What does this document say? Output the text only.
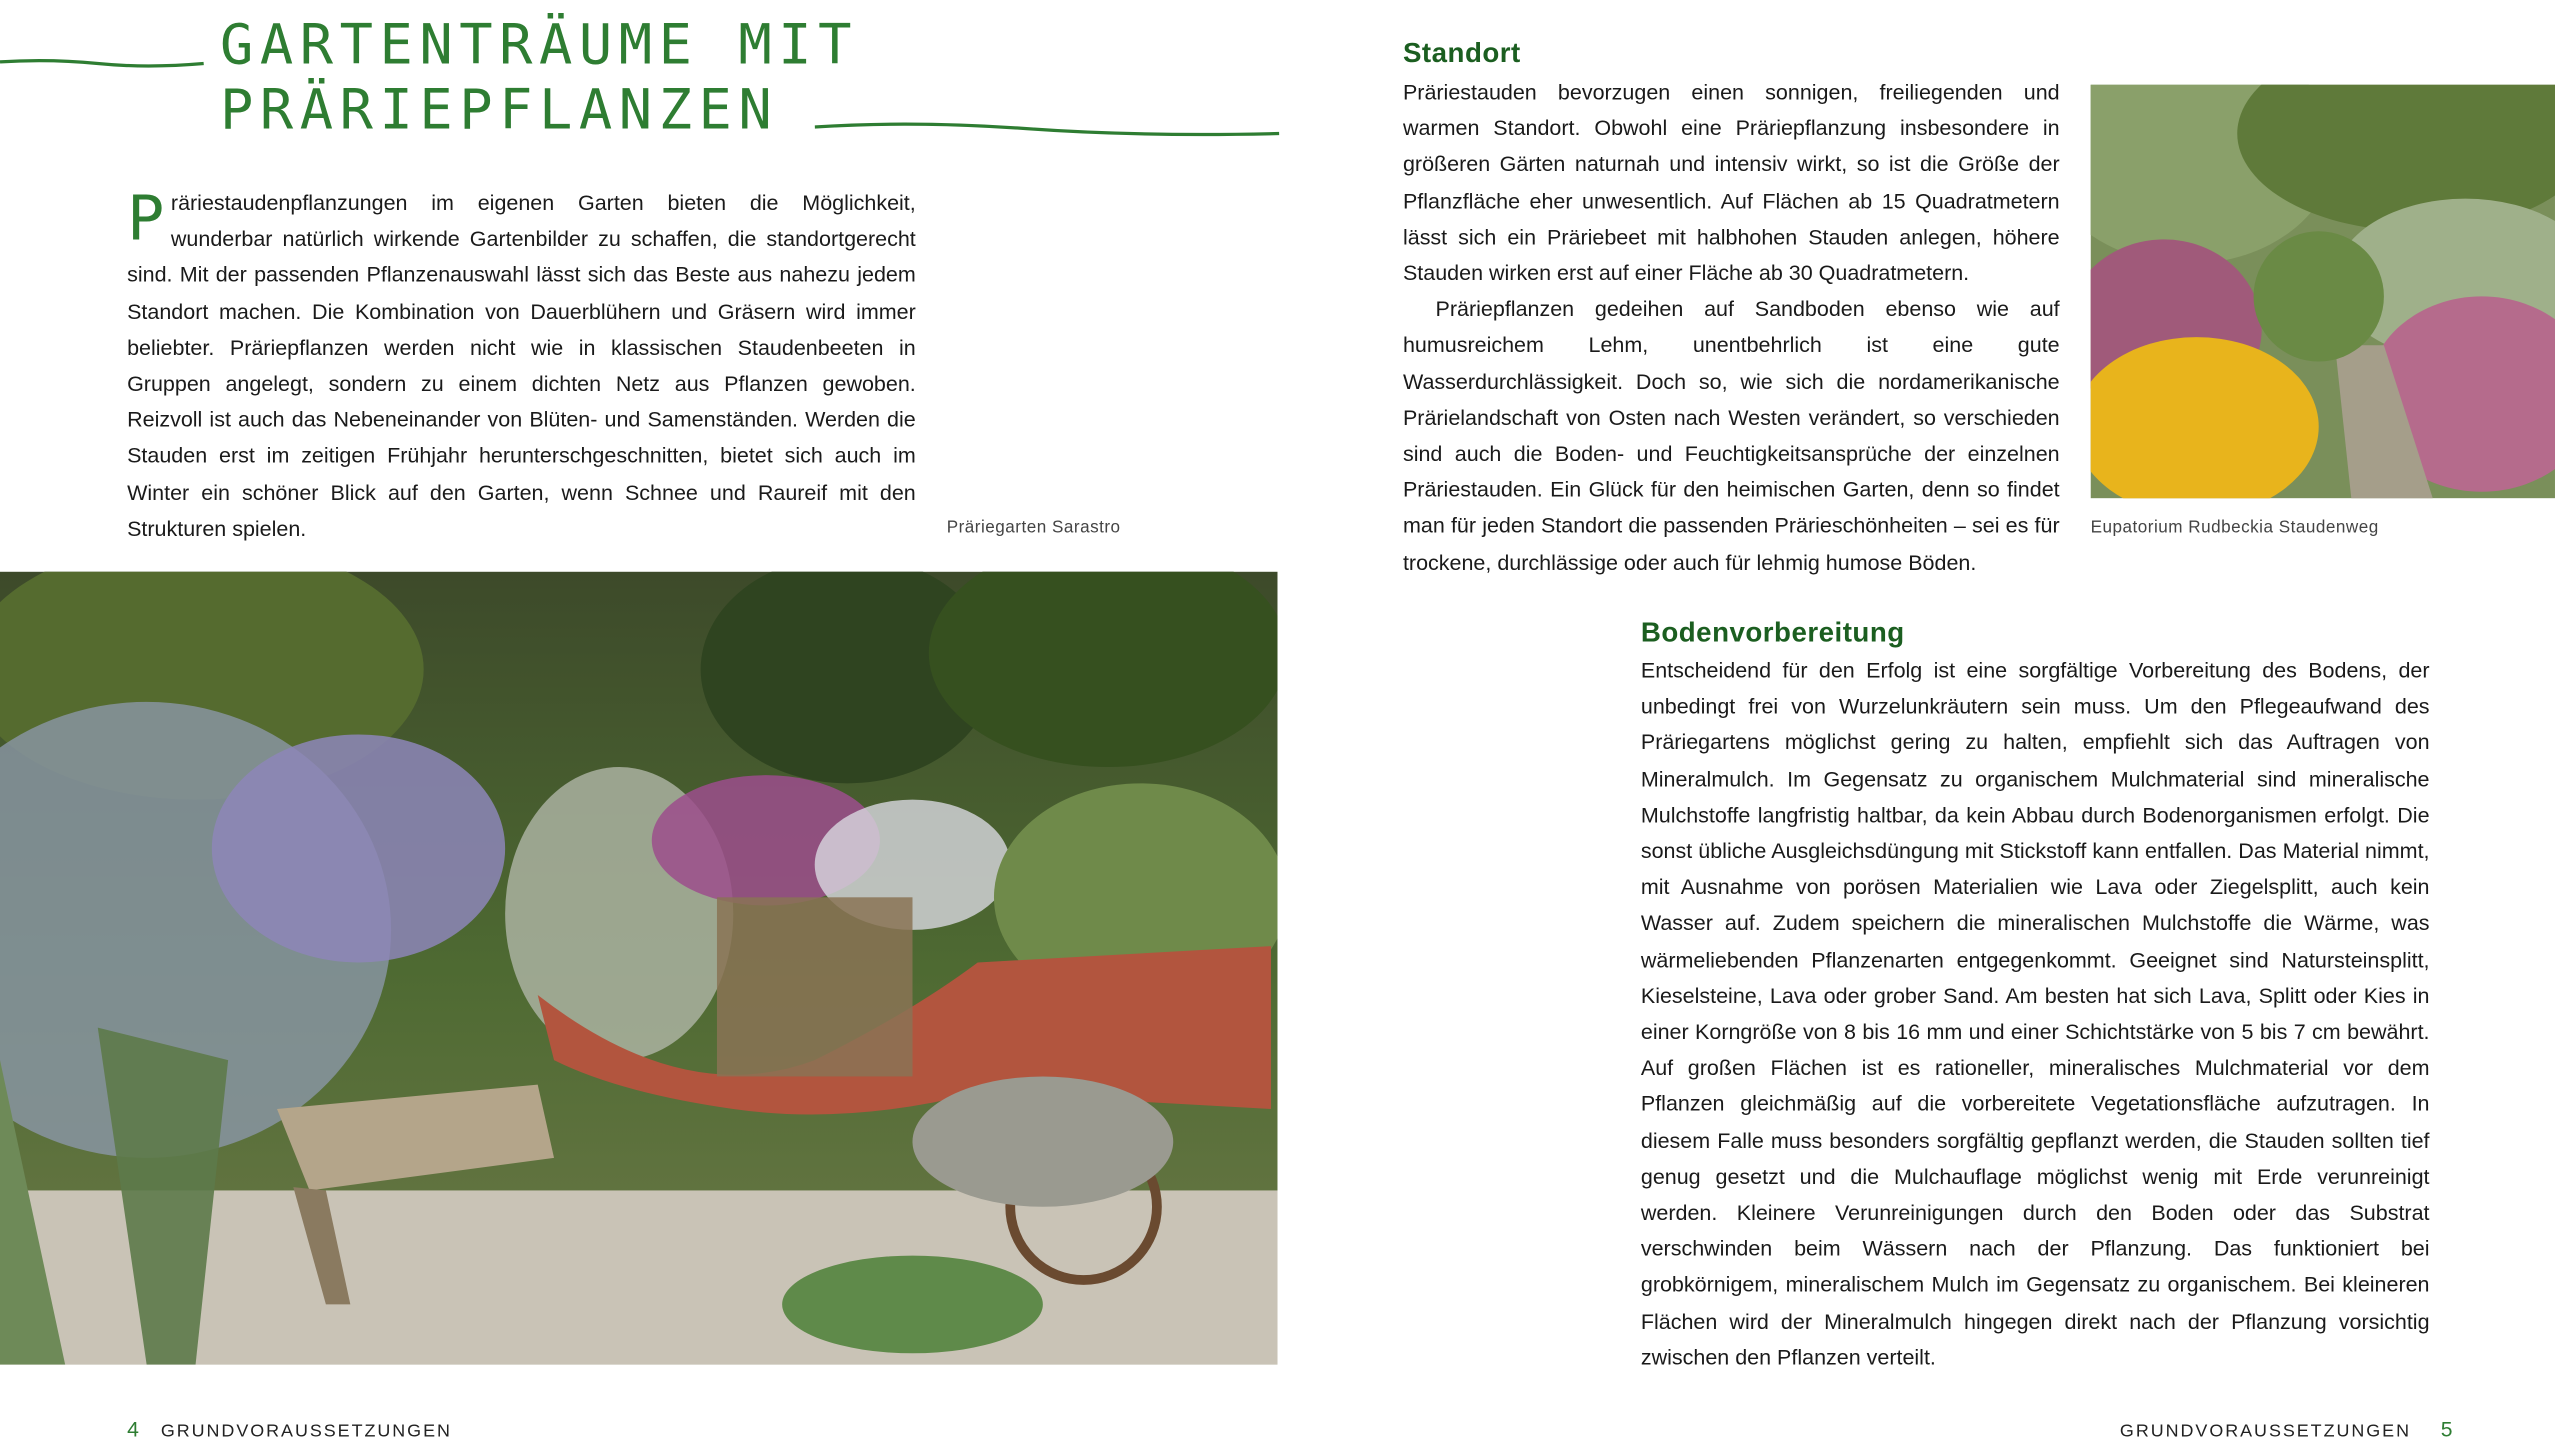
GARTENTRÄUME MIT
PRÄRIEPFLANZEN
P räriestaudenpflanzungen im eigenen Garten bieten die Möglichkeit, wunderbar natürlich wirkende Gartenbilder zu schaffen, die standortgerecht sind. Mit der passenden Pflanzenauswahl lässt sich das Beste aus nahezu jedem Standort machen. Die Kombination von Dauerblühern und Gräsern wird immer beliebter. Präriepflanzen werden nicht wie in klassischen Staudenbeeten in Gruppen angelegt, sondern zu einem dichten Netz aus Pflanzen gewoben. Reizvoll ist auch das Nebeneinander von Blüten- und Samenständen. Werden die Stauden erst im zeitigen Frühjahr herunterschgeschnitten, bietet sich auch im Winter ein schöner Blick auf den Garten, wenn Schnee und Raureif mit den Strukturen spielen.	Präriegarten Sarastro
Standort

Präriestauden bevorzugen einen sonnigen, freiliegenden und warmen Standort. Obwohl eine Präriepflanzung insbesondere in größeren Gärten naturnah und intensiv wirkt, so ist die Größe der Pflanzfläche eher unwesentlich. Auf Flächen ab 15 Quadratmetern lässt sich ein Präriebeet mit halbhohen Stauden anlegen, höhere Stauden wirken erst auf einer Fläche ab 30 Quadratmetern.

Präriepflanzen gedeihen auf Sandboden ebenso wie auf humusreichem Lehm, unentbehrlich ist eine gute Wasserdurchlässigkeit. Doch so, wie sich die nordamerikanische Prärielandschaft von Osten nach Westen verändert, so verschieden sind auch die Boden- und Feuchtigkeitsansprüche der einzelnen Präriestauden. Ein Glück für den heimischen Garten, denn so findet man für jeden Standort die passenden Prärieschönheiten – sei es für trockene, durchlässige oder auch für lehmig humose Böden.

Eupatorium Rudbeckia Staudenweg
Bodenvorbereitung

Entscheidend für den Erfolg ist eine sorgfältige Vorbereitung des Bodens, der unbedingt frei von Wurzelunkräutern sein muss. Um den Pflegeaufwand des Präriegartens möglichst gering zu halten, empfiehlt sich das Auftragen von Mineralmulch. Im Gegensatz zu organischem Mulchmaterial sind mineralische Mulchstoffe langfristig haltbar, da kein Abbau durch Bodenorganismen erfolgt. Die sonst übliche Ausgleichsdüngung mit Stickstoff kann entfallen. Das Material nimmt, mit Ausnahme von porösen Materialien wie Lava oder Ziegelsplitt, auch kein Wasser auf. Zudem speichern die mineralischen Mulchstoffe die Wärme, was wärmeliebenden Pflanzenarten entgegenkommt. Geeignet sind Natursteinsplitt, Kieselsteine, Lava oder grober Sand. Am besten hat sich Lava, Splitt oder Kies in einer Korngröße von 8 bis 16 mm und einer Schichtstärke von 5 bis 7 cm bewährt. Auf großen Flächen ist es rationeller, mineralisches Mulchmaterial vor dem Pflanzen gleichmäßig auf die vorbereitete Vegetationsfläche aufzutragen. In diesem Falle muss besonders sorgfältig gepflanzt werden, die Stauden sollten tief genug gesetzt und die Mulchauflage möglichst wenig mit Erde verunreinigt werden. Kleinere Verunreinigungen durch den Boden oder das Substrat verschwinden beim Wässern nach der Pflanzung. Das funktioniert bei grobkörnigem, mineralischem Mulch im Gegensatz zu organischem. Bei kleineren Flächen wird der Mineralmulch hingegen direkt nach der Pflanzung vorsichtig zwischen den Pflanzen verteilt.

4 GRUNDVORAUSSETZUNGEN	GRUNDVORAUSSETZUNGEN 5
